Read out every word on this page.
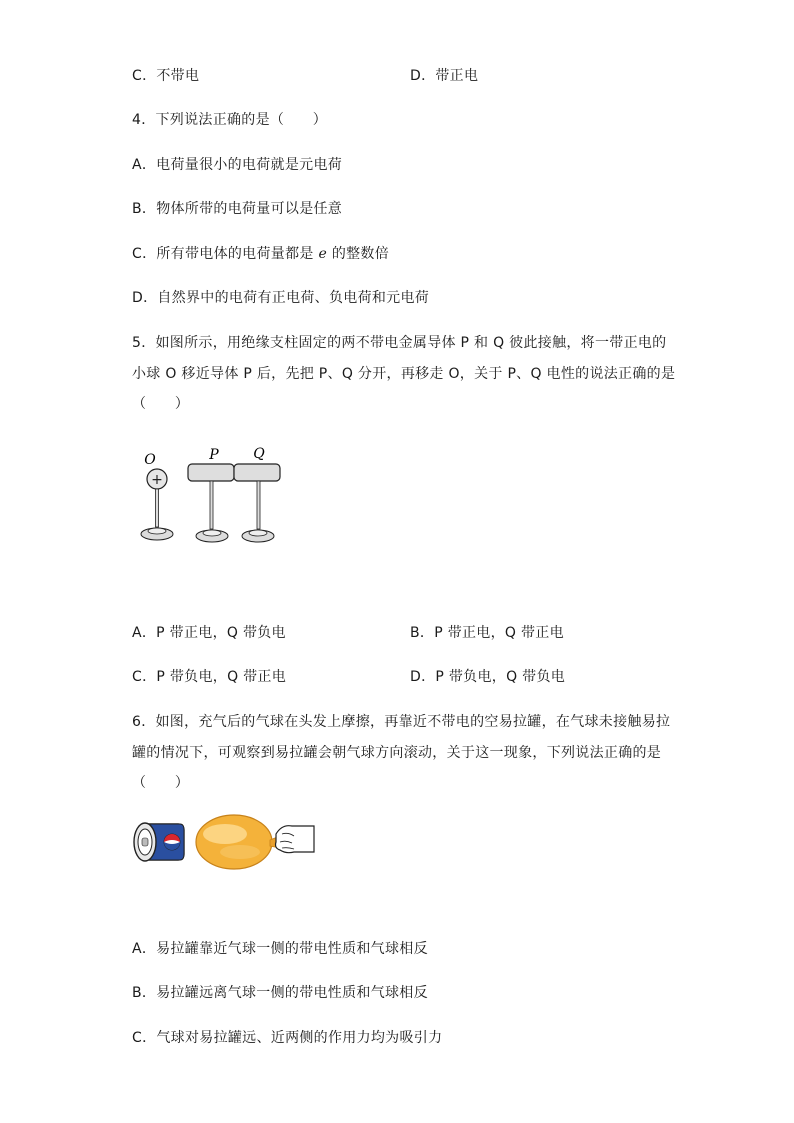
C．不带电	D．带正电
4．下列说法正确的是（　　）
A．电荷量很小的电荷就是元电荷
B．物体所带的电荷量可以是任意
C．所有带电体的电荷量都是 e 的整数倍
D．自然界中的电荷有正电荷、负电荷和元电荷
5．如图所示，用绝缘支柱固定的两不带电金属导体 P 和 Q 彼此接触，将一带正电的
小球 O 移近导体 P 后，先把 P、Q 分开，再移走 O，关于 P、Q 电性的说法正确的是
（　　）
O	P Q
+
A．P 带正电，Q 带负电	B．P 带正电，Q 带正电
C．P 带负电，Q 带正电	D．P 带负电，Q 带负电
6．如图，充气后的气球在头发上摩擦，再靠近不带电的空易拉罐，在气球未接触易拉
罐的情况下，可观察到易拉罐会朝气球方向滚动，关于这一现象，下列说法正确的是
（　　）
A．易拉罐靠近气球一侧的带电性质和气球相反
B．易拉罐远离气球一侧的带电性质和气球相反
C．气球对易拉罐远、近两侧的作用力均为吸引力
